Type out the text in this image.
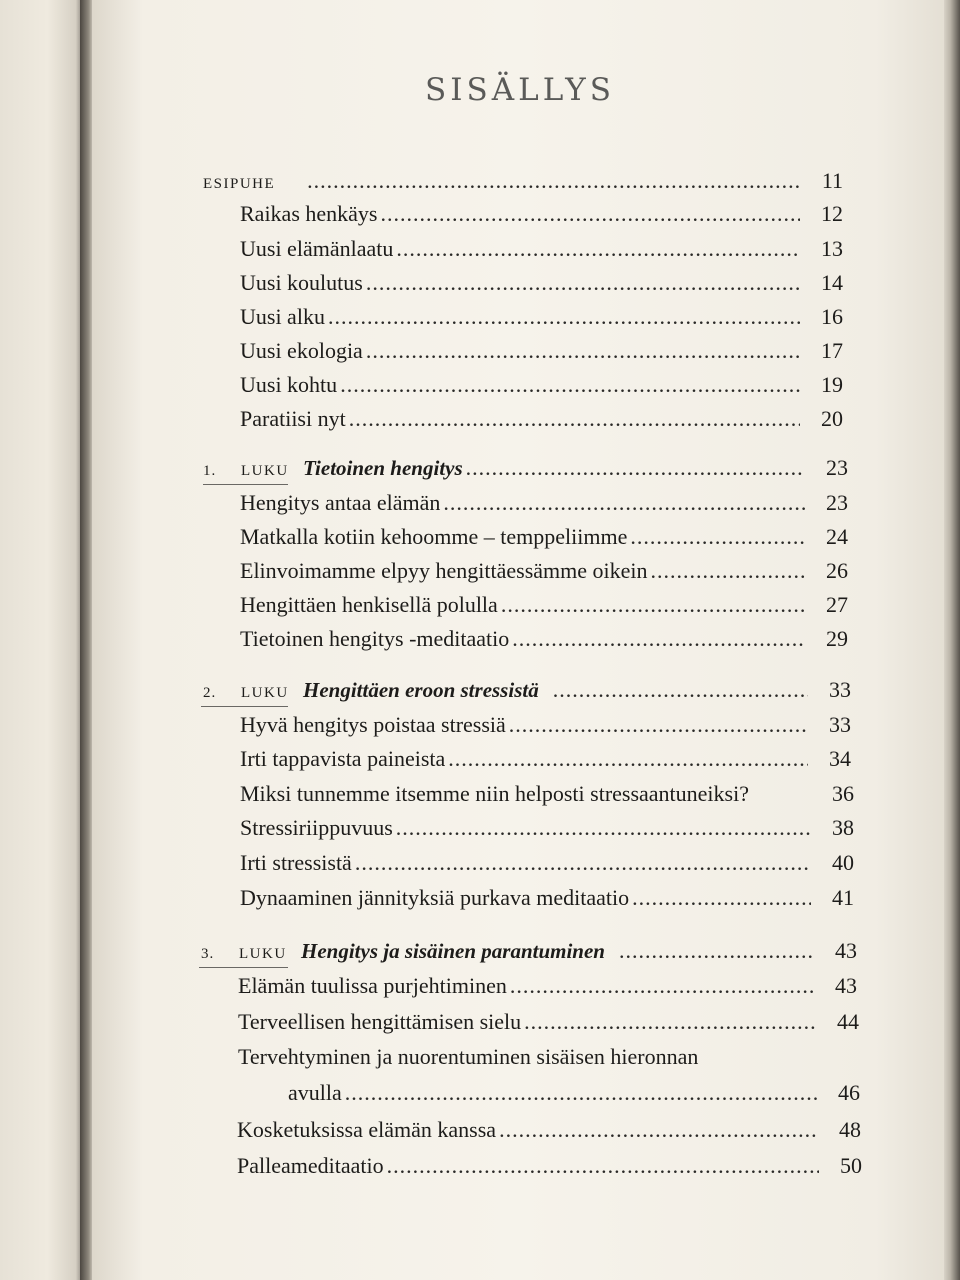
SISÄLLYS
ESIPUHE .....	11
Raikas henkäys .....	12
Uusi elämänlaatu .....	13
Uusi koulutus .....	14
Uusi alku .....	16
Uusi ekologia .....	17
Uusi kohtu .....	19
Paratiisi nyt .....	20
1. LUKU Tietoinen hengitys .....	23
Hengitys antaa elämän .....	23
Matkalla kotiin kehoomme – temppeliimme .....	24
Elinvoimamme elpyy hengittäessämme oikein .....	26
Hengittäen henkisellä polulla .....	27
Tietoinen hengitys -meditaatio .....	29
2. LUKU Hengittäen eroon stressistä .....	33
Hyvä hengitys poistaa stressiä .....	33
Irti tappavista paineista .....	34
Miksi tunnemme itsemme niin helposti stressaantuneiksi?	36
Stressiriippuvuus .....	38
Irti stressistä .....	40
Dynaaminen jännityksiä purkava meditaatio .....	41
3. LUKU Hengitys ja sisäinen parantuminen .....	43
Elämän tuulissa purjehtiminen .....	43
Terveellisen hengittämisen sielu .....	44
Tervehtyminen ja nuorentuminen sisäisen hieronnan
avulla .....	46
Kosketuksissa elämän kanssa .....	48
Palleameditaatio .....	50
